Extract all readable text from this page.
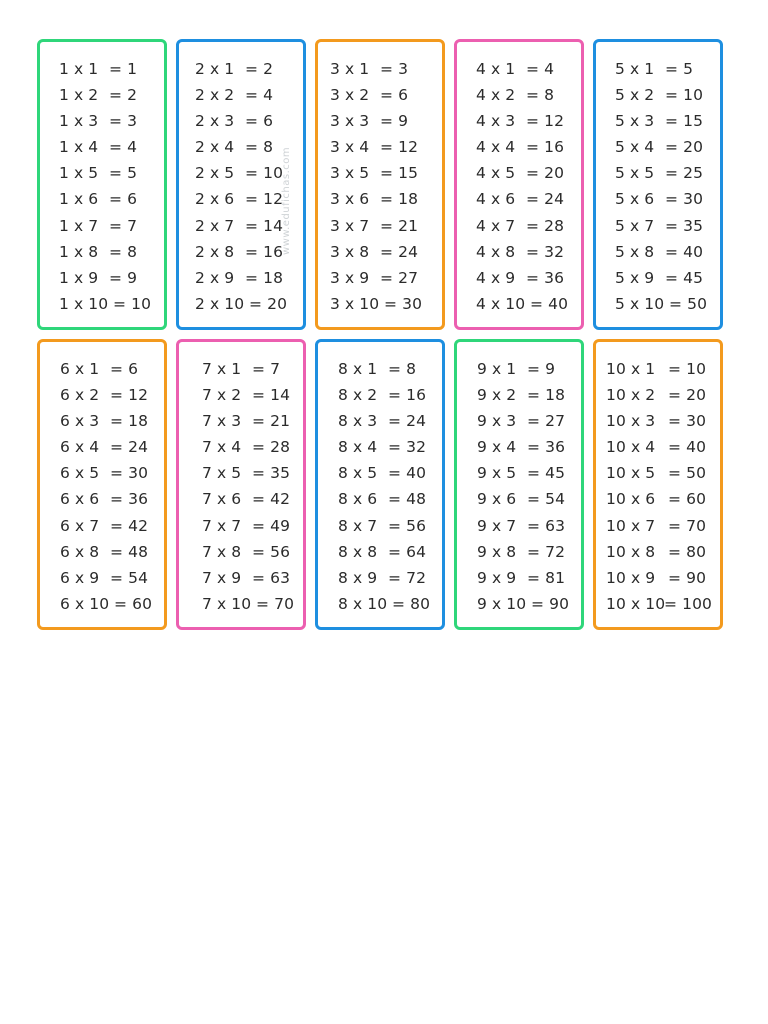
1 x 1 = 1
1 x 2 = 2
1 x 3 = 3
1 x 4 = 4
1 x 5 = 5
1 x 6 = 6
1 x 7 = 7
1 x 8 = 8
1 x 9 = 9
1 x 10 = 10
2 x 1 = 2
2 x 2 = 4
2 x 3 = 6
2 x 4 = 8
2 x 5 = 10
2 x 6 = 12
2 x 7 = 14
2 x 8 = 16
2 x 9 = 18
2 x 10 = 20
3 x 1 = 3
3 x 2 = 6
3 x 3 = 9
3 x 4 = 12
3 x 5 = 15
3 x 6 = 18
3 x 7 = 21
3 x 8 = 24
3 x 9 = 27
3 x 10 = 30
4 x 1 = 4
4 x 2 = 8
4 x 3 = 12
4 x 4 = 16
4 x 5 = 20
4 x 6 = 24
4 x 7 = 28
4 x 8 = 32
4 x 9 = 36
4 x 10 = 40
5 x 1 = 5
5 x 2 = 10
5 x 3 = 15
5 x 4 = 20
5 x 5 = 25
5 x 6 = 30
5 x 7 = 35
5 x 8 = 40
5 x 9 = 45
5 x 10 = 50
6 x 1 = 6
6 x 2 = 12
6 x 3 = 18
6 x 4 = 24
6 x 5 = 30
6 x 6 = 36
6 x 7 = 42
6 x 8 = 48
6 x 9 = 54
6 x 10 = 60
7 x 1 = 7
7 x 2 = 14
7 x 3 = 21
7 x 4 = 28
7 x 5 = 35
7 x 6 = 42
7 x 7 = 49
7 x 8 = 56
7 x 9 = 63
7 x 10 = 70
8 x 1 = 8
8 x 2 = 16
8 x 3 = 24
8 x 4 = 32
8 x 5 = 40
8 x 6 = 48
8 x 7 = 56
8 x 8 = 64
8 x 9 = 72
8 x 10 = 80
9 x 1 = 9
9 x 2 = 18
9 x 3 = 27
9 x 4 = 36
9 x 5 = 45
9 x 6 = 54
9 x 7 = 63
9 x 8 = 72
9 x 9 = 81
9 x 10 = 90
10 x 1 = 10
10 x 2 = 20
10 x 3 = 30
10 x 4 = 40
10 x 5 = 50
10 x 6 = 60
10 x 7 = 70
10 x 8 = 80
10 x 9 = 90
10 x 10
= 100
www.edufichas.com
